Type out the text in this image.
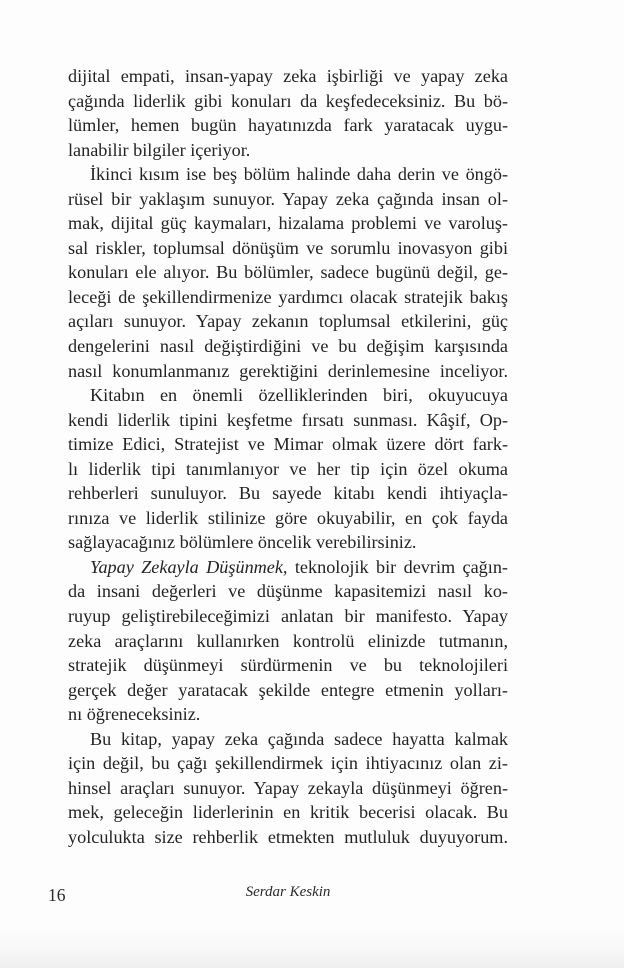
dijital empati, insan-yapay zeka işbirliği ve yapay zeka
çağında liderlik gibi konuları da keşfedeceksiniz. Bu bö-
lümler, hemen bugün hayatınızda fark yaratacak uygu-
lanabilir bilgiler içeriyor.
İkinci kısım ise beş bölüm halinde daha derin ve öngö-
rüsel bir yaklaşım sunuyor. Yapay zeka çağında insan ol-
mak, dijital güç kaymaları, hizalama problemi ve varoluş-
sal riskler, toplumsal dönüşüm ve sorumlu inovasyon gibi
konuları ele alıyor. Bu bölümler, sadece bugünü değil, ge-
leceği de şekillendirmenize yardımcı olacak stratejik bakış
açıları sunuyor. Yapay zekanın toplumsal etkilerini, güç
dengelerini nasıl değiştirdiğini ve bu değişim karşısında
nasıl konumlanmanız gerektiğini derinlemesine inceliyor.
Kitabın en önemli özelliklerinden biri, okuyucuya
kendi liderlik tipini keşfetme fırsatı sunması. Kâşif, Op-
timize Edici, Stratejist ve Mimar olmak üzere dört fark-
lı liderlik tipi tanımlanıyor ve her tip için özel okuma
rehberleri sunuluyor. Bu sayede kitabı kendi ihtiyaçla-
rınıza ve liderlik stilinize göre okuyabilir, en çok fayda
sağlayacağınız bölümlere öncelik verebilirsiniz.
Yapay Zekayla Düşünmek, teknolojik bir devrim çağın-
da insani değerleri ve düşünme kapasitemizi nasıl ko-
ruyup geliştirebileceğimizi anlatan bir manifesto. Yapay
zeka araçlarını kullanırken kontrolü elinizde tutmanın,
stratejik düşünmeyi sürdürmenin ve bu teknolojileri
gerçek değer yaratacak şekilde entegre etmenin yolları-
nı öğreneceksiniz.
Bu kitap, yapay zeka çağında sadece hayatta kalmak
için değil, bu çağı şekillendirmek için ihtiyacınız olan zi-
hinsel araçları sunuyor. Yapay zekayla düşünmeyi öğren-
mek, geleceğin liderlerinin en kritik becerisi olacak. Bu
yolculukta size rehberlik etmekten mutluluk duyuyorum.
16	Serdar Keskin
